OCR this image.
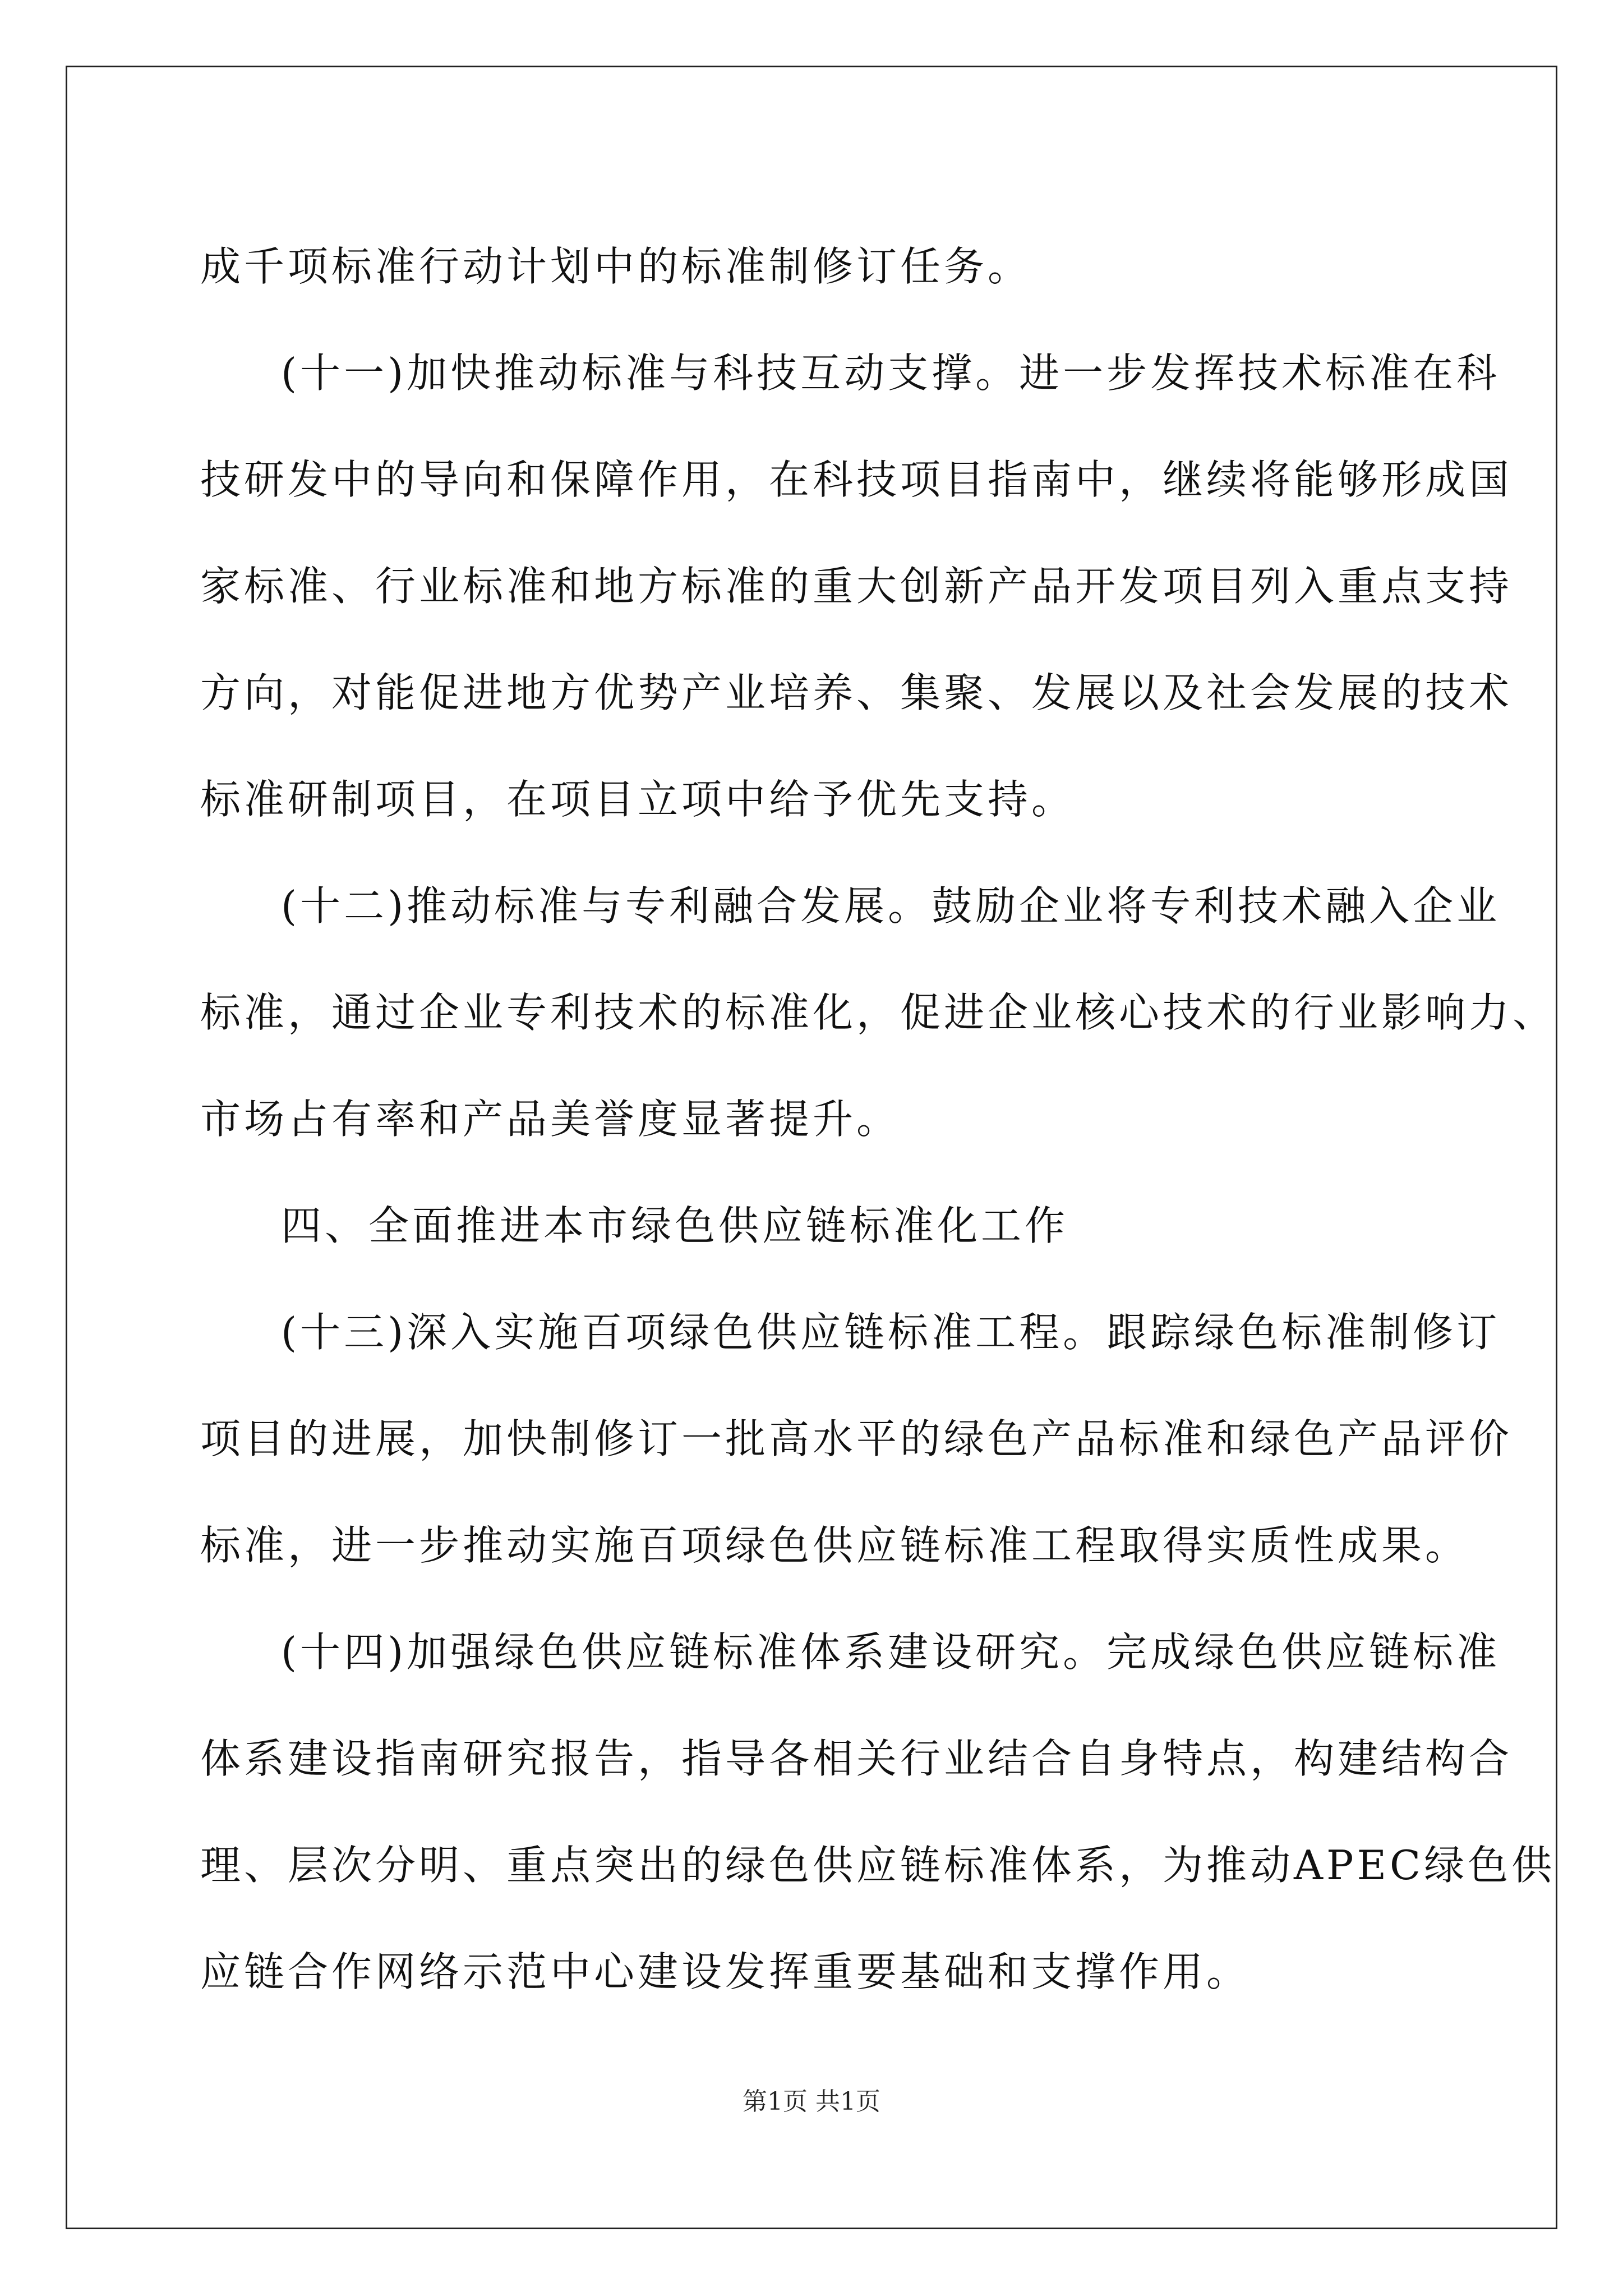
成千项标准行动计划中的标准制修订任务。
(十一)加快推动标准与科技互动支撑。进一步发挥技术标准在科
技研发中的导向和保障作用，在科技项目指南中，继续将能够形成国
家标准、行业标准和地方标准的重大创新产品开发项目列入重点支持
方向，对能促进地方优势产业培养、集聚、发展以及社会发展的技术
标准研制项目，在项目立项中给予优先支持。
(十二)推动标准与专利融合发展。鼓励企业将专利技术融入企业
标准，通过企业专利技术的标准化，促进企业核心技术的行业影响力、
市场占有率和产品美誉度显著提升。
四、全面推进本市绿色供应链标准化工作
(十三)深入实施百项绿色供应链标准工程。跟踪绿色标准制修订
项目的进展，加快制修订一批高水平的绿色产品标准和绿色产品评价
标准，进一步推动实施百项绿色供应链标准工程取得实质性成果。
(十四)加强绿色供应链标准体系建设研究。完成绿色供应链标准
体系建设指南研究报告，指导各相关行业结合自身特点，构建结构合
理、层次分明、重点突出的绿色供应链标准体系，为推动APEC绿色供
应链合作网络示范中心建设发挥重要基础和支撑作用。
第1页 共1页
